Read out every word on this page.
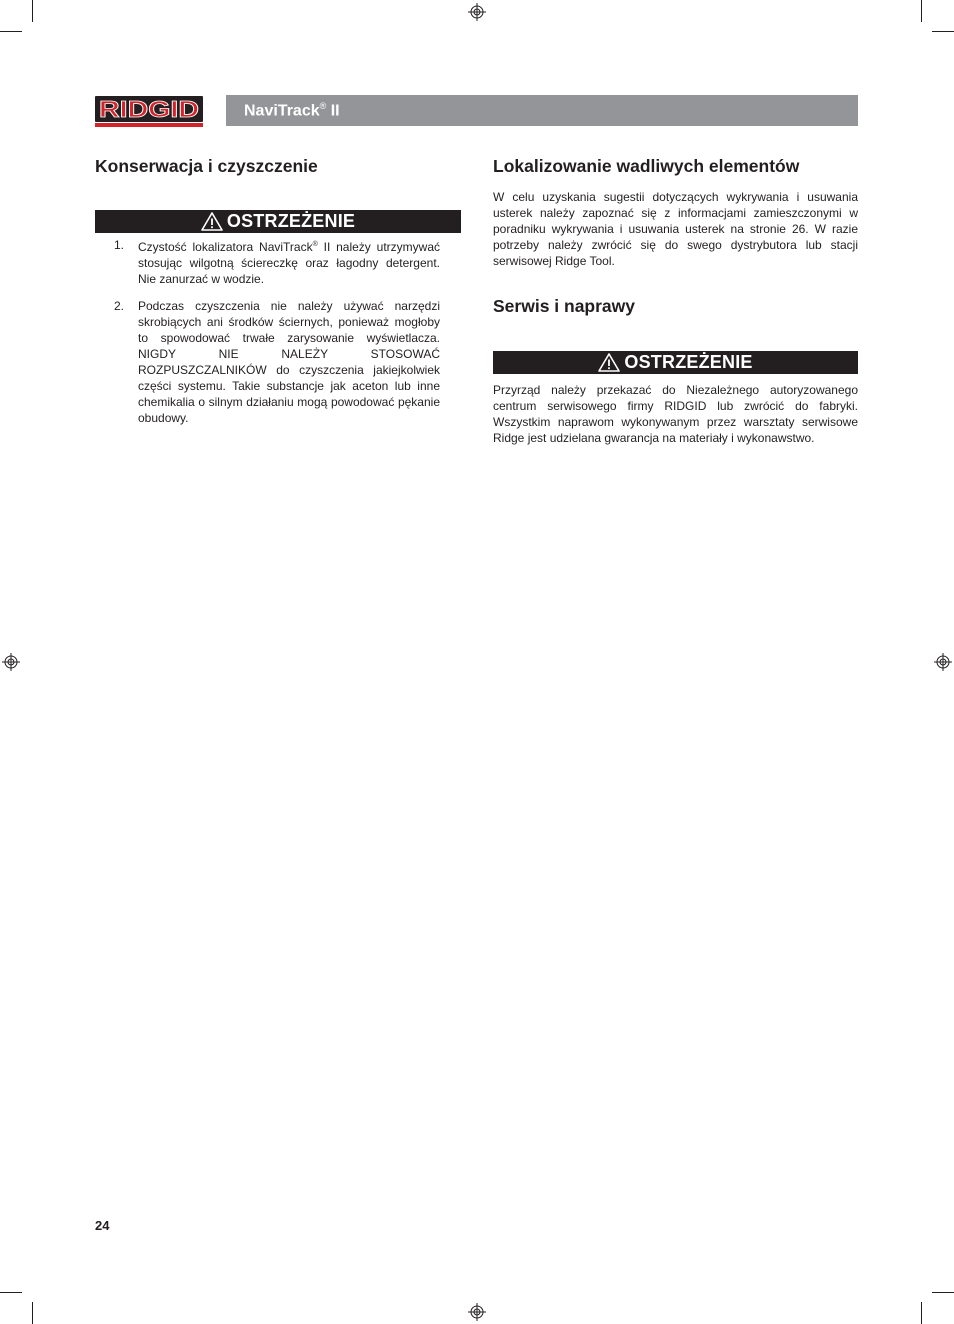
RIDGID	NaviTrack® II
Konserwacja i czyszczenie
OSTRZEŻENIE
1. Czystość lokalizatora NaviTrack® II należy utrzymywać stosując wilgotną ściereczkę oraz łagodny detergent. Nie zanurzać w wodzie.
2. Podczas czyszczenia nie należy używać narzędzi skrobiących ani środków ściernych, ponieważ mogłoby to spowodować trwałe zarysowanie wyświetlacza. NIGDY NIE NALEŻY STOSOWAĆ ROZPUSZCZALNIKÓW do czyszczenia jakiejkolwiek części systemu. Takie substancje jak aceton lub inne chemikalia o silnym działaniu mogą powodować pękanie obudowy.
Lokalizowanie wadliwych elementów

W celu uzyskania sugestii dotyczących wykrywania i usuwania usterek należy zapoznać się z informacjami zamieszczonymi w poradniku wykrywania i usuwania usterek na stronie 26. W razie potrzeby należy zwrócić się do swego dystrybutora lub stacji serwisowej Ridge Tool.

Serwis i naprawy
OSTRZEŻENIE

Przyrząd należy przekazać do Niezależnego autoryzowanego centrum serwisowego firmy RIDGID lub zwrócić do fabryki. Wszystkim naprawom wykonywanym przez warsztaty serwisowe Ridge jest udzielana gwarancja na materiały i wykonawstwo.

24
